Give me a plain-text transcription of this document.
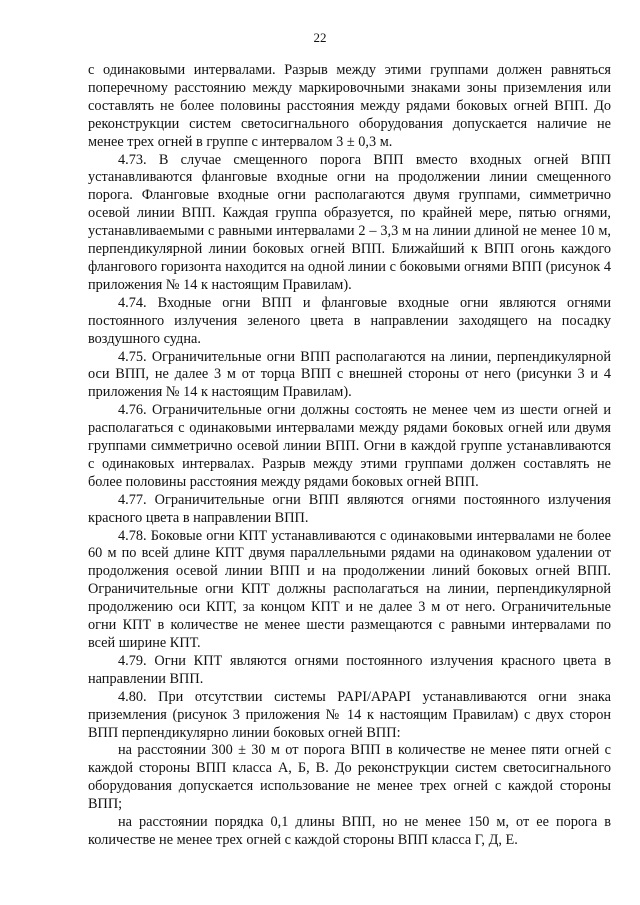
22

с одинаковыми интервалами. Разрыв между этими группами должен равняться поперечному расстоянию между маркировочными знаками зоны приземления или составлять не более половины расстояния между рядами боковых огней ВПП. До реконструкции систем светосигнального оборудования допускается наличие не менее трех огней в группе с интервалом 3 ± 0,3 м.

4.73. В случае смещенного порога ВПП вместо входных огней ВПП устанавливаются фланговые входные огни на продолжении линии смещенного порога. Фланговые входные огни располагаются двумя группами, симметрично осевой линии ВПП. Каждая группа образуется, по крайней мере, пятью огнями, устанавливаемыми с равными интервалами 2 – 3,3 м на линии длиной не менее 10 м, перпендикулярной линии боковых огней ВПП. Ближайший к ВПП огонь каждого флангового горизонта находится на одной линии с боковыми огнями ВПП (рисунок 4 приложения № 14 к настоящим Правилам).

4.74. Входные огни ВПП и фланговые входные огни являются огнями постоянного излучения зеленого цвета в направлении заходящего на посадку воздушного судна.

4.75. Ограничительные огни ВПП располагаются на линии, перпендикулярной оси ВПП, не далее 3 м от торца ВПП с внешней стороны от него (рисунки 3 и 4 приложения № 14 к настоящим Правилам).

4.76. Ограничительные огни должны состоять не менее чем из шести огней и располагаться с одинаковыми интервалами между рядами боковых огней или двумя группами симметрично осевой линии ВПП. Огни в каждой группе устанавливаются с одинаковых интервалах. Разрыв между этими группами должен составлять не более половины расстояния между рядами боковых огней ВПП.

4.77. Ограничительные огни ВПП являются огнями постоянного излучения красного цвета в направлении ВПП.

4.78. Боковые огни КПТ устанавливаются с одинаковыми интервалами не более 60 м по всей длине КПТ двумя параллельными рядами на одинаковом удалении от продолжения осевой линии ВПП и на продолжении линий боковых огней ВПП. Ограничительные огни КПТ должны располагаться на линии, перпендикулярной продолжению оси КПТ, за концом КПТ и не далее 3 м от него. Ограничительные огни КПТ в количестве не менее шести размещаются с равными интервалами по всей ширине КПТ.

4.79. Огни КПТ являются огнями постоянного излучения красного цвета в направлении ВПП.

4.80. При отсутствии системы PAPI/APAPI устанавливаются огни знака приземления (рисунок 3 приложения № 14 к настоящим Правилам) с двух сторон ВПП перпендикулярно линии боковых огней ВПП:

на расстоянии 300 ± 30 м от порога ВПП в количестве не менее пяти огней с каждой стороны ВПП класса А, Б, В. До реконструкции систем светосигнального оборудования допускается использование не менее трех огней с каждой стороны ВПП;

на расстоянии порядка 0,1 длины ВПП, но не менее 150 м, от ее порога в количестве не менее трех огней с каждой стороны ВПП класса Г, Д, Е.
